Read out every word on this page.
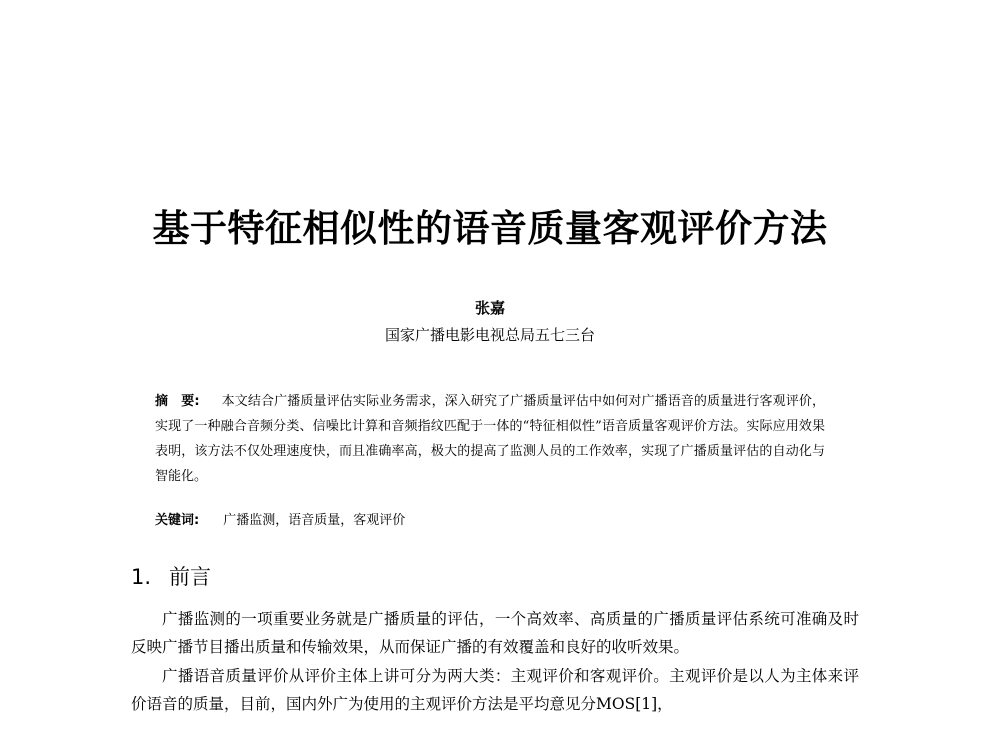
基于特征相似性的语音质量客观评价方法
张嘉
国家广播电影电视总局五七三台
摘　要: 本文结合广播质量评估实际业务需求，深入研究了广播质量评估中如何对广播语音的质量进行客观评价，实现了一种融合音频分类、信噪比计算和音频指纹匹配于一体的“特征相似性”语音质量客观评价方法。实际应用效果表明，该方法不仅处理速度快，而且准确率高，极大的提高了监测人员的工作效率，实现了广播质量评估的自动化与智能化。
关键词: 广播监测，语音质量，客观评价
1. 前言

广播监测的一项重要业务就是广播质量的评估，一个高效率、高质量的广播质量评估系统可准确及时反映广播节目播出质量和传输效果，从而保证广播的有效覆盖和良好的收听效果。

广播语音质量评价从评价主体上讲可分为两大类：主观评价和客观评价。主观评价是以人为主体来评价语音的质量，目前，国内外广为使用的主观评价方法是平均意见分MOS[1]，
